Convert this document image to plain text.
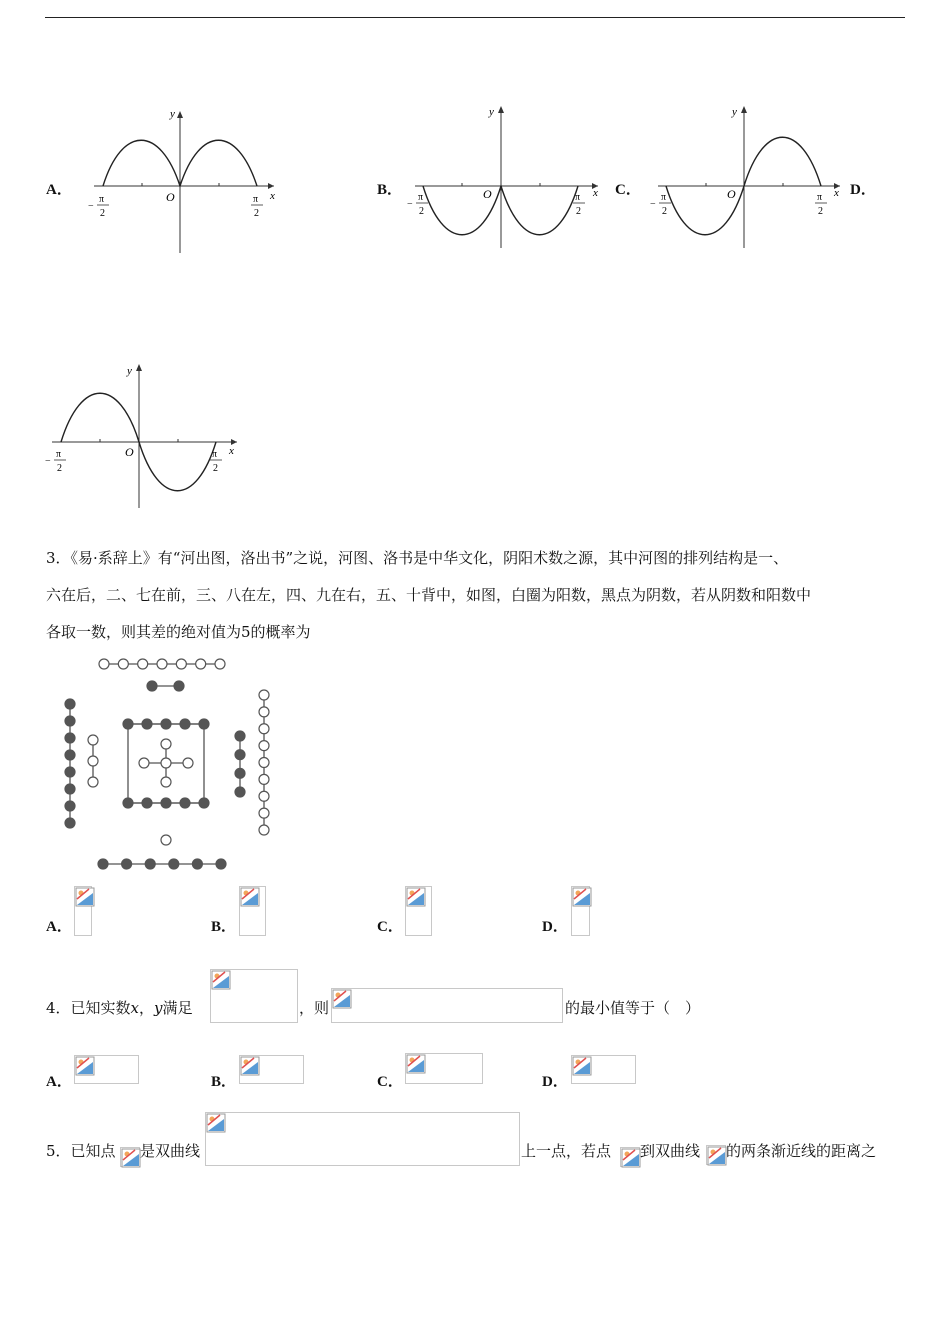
A．	B．	C．	D．
y
x
O
−
π
2
π
2
y
x
O
−
π
2
π
2
y
x
O
−
π
2
π
2
y
x
O
−
π
2
π
2
3．《易·系辞上》有“河出图，洛出书”之说，河图、洛书是中华文化，阴阳术数之源，其中河图的排列结构是一、
六在后，二、七在前，三、八在左，四、九在右，五、十背中，如图，白圈为阳数，黑点为阴数，若从阴数和阳数中
各取一数，则其差的绝对值为5的概率为
A．	B．	C．	D．
4．已知实数x，y满足	，则	的最小值等于（　）
A．	B．	C．	D．
5．已知点 是双曲线	上一点，若点 到双曲线 的两条渐近线的距离之
